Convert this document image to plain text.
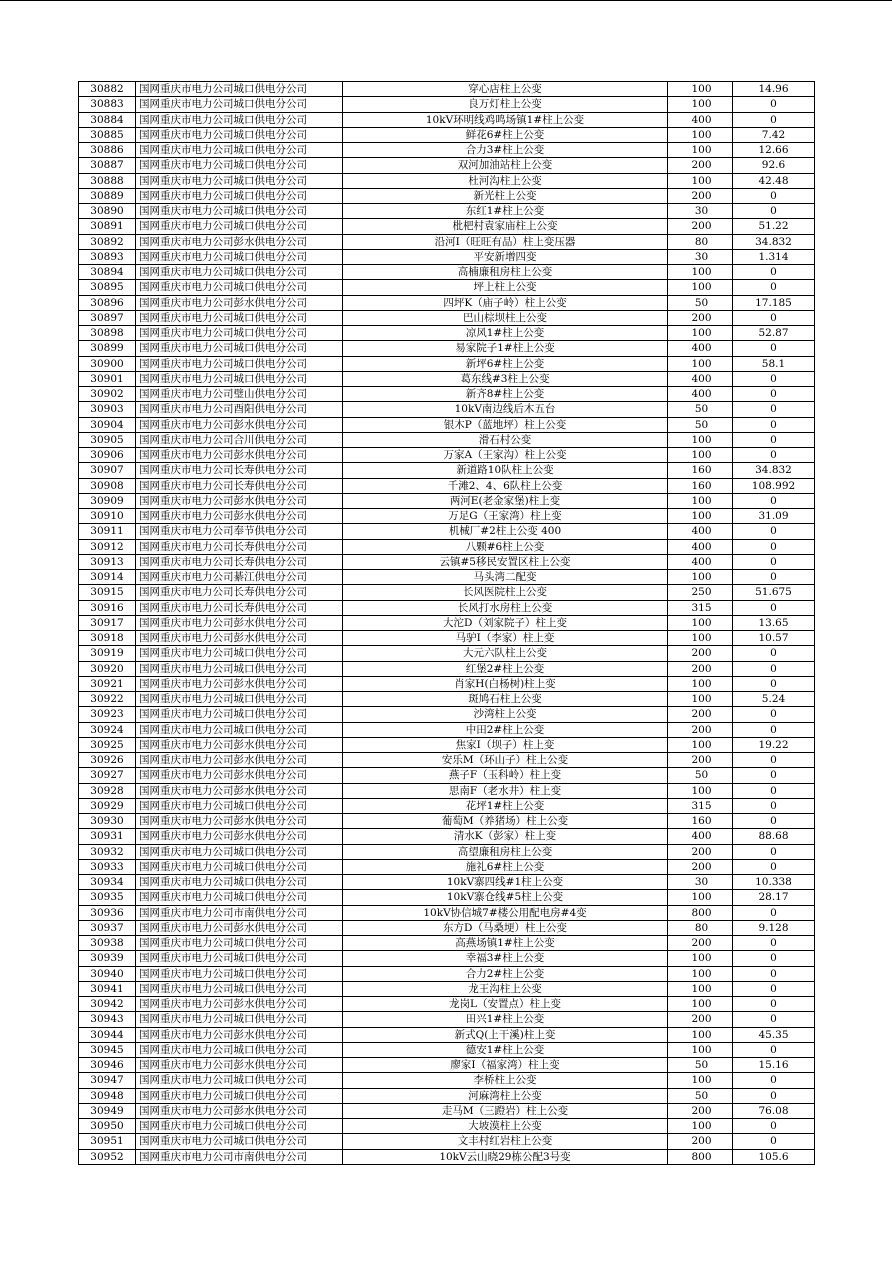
30882	国网重庆市电力公司城口供电分公司	穿心店柱上公变	100	14.96
30883	国网重庆市电力公司城口供电分公司	良万灯柱上公变	100	0
30884	国网重庆市电力公司城口供电分公司	10kV环明线鸡鸣场镇1#柱上公变	400	0
30885	国网重庆市电力公司城口供电分公司	鲜花6#柱上公变	100	7.42
30886	国网重庆市电力公司城口供电分公司	合力3#柱上公变	100	12.66
30887	国网重庆市电力公司城口供电分公司	双河加油站柱上公变	200	92.6
30888	国网重庆市电力公司城口供电分公司	杜河沟柱上公变	100	42.48
30889	国网重庆市电力公司城口供电分公司	新光柱上公变	200	0
30890	国网重庆市电力公司城口供电分公司	东红1#柱上公变	30	0
30891	国网重庆市电力公司城口供电分公司	枇杷村袁家庙柱上公变	200	51.22
30892	国网重庆市电力公司彭水供电分公司	沿河I（旺旺有品）柱上变压器	80	34.832
30893	国网重庆市电力公司城口供电分公司	平安新增四变	30	1.314
30894	国网重庆市电力公司城口供电分公司	高楠廉租房柱上公变	100	0
30895	国网重庆市电力公司城口供电分公司	坪上柱上公变	100	0
30896	国网重庆市电力公司彭水供电分公司	四坪K（庙子岭）柱上公变	50	17.185
30897	国网重庆市电力公司城口供电分公司	巴山棕坝柱上公变	200	0
30898	国网重庆市电力公司城口供电分公司	凉风1#柱上公变	100	52.87
30899	国网重庆市电力公司城口供电分公司	易家院子1#柱上公变	400	0
30900	国网重庆市电力公司城口供电分公司	新坪6#柱上公变	100	58.1
30901	国网重庆市电力公司城口供电分公司	葛东线#3柱上公变	400	0
30902	国网重庆市电力公司璧山供电分公司	新齐8#柱上公变	400	0
30903	国网重庆市电力公司酉阳供电分公司	10kV南边线后木五台	50	0
30904	国网重庆市电力公司彭水供电分公司	银木P（蓝地坪）柱上公变	50	0
30905	国网重庆市电力公司合川供电分公司	滑石村公变	100	0
30906	国网重庆市电力公司彭水供电分公司	万家A（王家沟）柱上公变	100	0
30907	国网重庆市电力公司长寿供电分公司	新道路10队柱上公变	160	34.832
30908	国网重庆市电力公司长寿供电分公司	千滩2、4、6队柱上公变	160	108.992
30909	国网重庆市电力公司彭水供电分公司	两河E(老金家堡)柱上变	100	0
30910	国网重庆市电力公司彭水供电分公司	万足G（王家湾）柱上变	100	31.09
30911	国网重庆市电力公司奉节供电分公司	机械厂#2柱上公变 400	400	0
30912	国网重庆市电力公司长寿供电分公司	八颗#6柱上公变	400	0
30913	国网重庆市电力公司长寿供电分公司	云镇#5移民安置区柱上公变	400	0
30914	国网重庆市电力公司綦江供电分公司	马头湾二配变	100	0
30915	国网重庆市电力公司长寿供电分公司	长风医院柱上公变	250	51.675
30916	国网重庆市电力公司长寿供电分公司	长风打水房柱上公变	315	0
30917	国网重庆市电力公司彭水供电分公司	大沱D（刘家院子）柱上变	100	13.65
30918	国网重庆市电力公司彭水供电分公司	马驴I（李家）柱上变	100	10.57
30919	国网重庆市电力公司城口供电分公司	大元六队柱上公变	200	0
30920	国网重庆市电力公司城口供电分公司	红堡2#柱上公变	200	0
30921	国网重庆市电力公司彭水供电分公司	肖家H(白杨树)柱上变	100	0
30922	国网重庆市电力公司城口供电分公司	斑鸠石柱上公变	100	5.24
30923	国网重庆市电力公司城口供电分公司	沙湾柱上公变	200	0
30924	国网重庆市电力公司城口供电分公司	中田2#柱上公变	200	0
30925	国网重庆市电力公司彭水供电分公司	焦家I（坝子）柱上变	100	19.22
30926	国网重庆市电力公司彭水供电分公司	安乐M（环山子）柱上公变	200	0
30927	国网重庆市电力公司彭水供电分公司	燕子F（玉科岭）柱上变	50	0
30928	国网重庆市电力公司彭水供电分公司	思南F（老水井）柱上变	100	0
30929	国网重庆市电力公司城口供电分公司	花坪1#柱上公变	315	0
30930	国网重庆市电力公司彭水供电分公司	葡萄M（养猪场）柱上公变	160	0
30931	国网重庆市电力公司彭水供电分公司	清水K（彭家）柱上变	400	88.68
30932	国网重庆市电力公司城口供电分公司	高望廉租房柱上公变	200	0
30933	国网重庆市电力公司城口供电分公司	施礼6#柱上公变	200	0
30934	国网重庆市电力公司城口供电分公司	10kV寨四线#1柱上公变	30	10.338
30935	国网重庆市电力公司城口供电分公司	10kV寨仓线#5柱上公变	100	28.17
30936	国网重庆市电力公司市南供电分公司	10kV协信城7#楼公用配电房#4变	800	0
30937	国网重庆市电力公司彭水供电分公司	东方D（马桑埂）柱上公变	80	9.128
30938	国网重庆市电力公司城口供电分公司	高燕场镇1#柱上公变	200	0
30939	国网重庆市电力公司城口供电分公司	幸福3#柱上公变	100	0
30940	国网重庆市电力公司城口供电分公司	合力2#柱上公变	100	0
30941	国网重庆市电力公司城口供电分公司	龙王沟柱上公变	100	0
30942	国网重庆市电力公司彭水供电分公司	龙岗L（安置点）柱上变	100	0
30943	国网重庆市电力公司城口供电分公司	田兴1#柱上公变	200	0
30944	国网重庆市电力公司彭水供电分公司	新式Q(上干溪)柱上变	100	45.35
30945	国网重庆市电力公司城口供电分公司	德安1#柱上公变	100	0
30946	国网重庆市电力公司彭水供电分公司	廖家I（福家湾）柱上变	50	15.16
30947	国网重庆市电力公司城口供电分公司	李桥柱上公变	100	0
30948	国网重庆市电力公司城口供电分公司	河麻湾柱上公变	50	0
30949	国网重庆市电力公司彭水供电分公司	走马M（三蹬岩）柱上公变	200	76.08
30950	国网重庆市电力公司城口供电分公司	大坡漠柱上公变	100	0
30951	国网重庆市电力公司城口供电分公司	文丰村红岩柱上公变	200	0
30952	国网重庆市电力公司市南供电分公司	10kV云山晓29栋公配3号变	800	105.6
